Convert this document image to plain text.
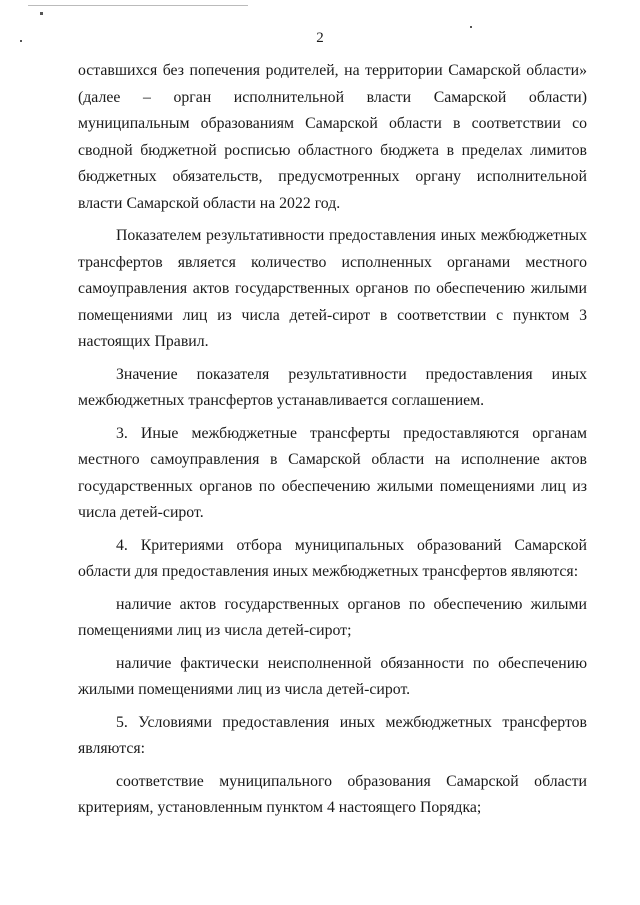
2

оставшихся без попечения родителей, на территории Самарской области» (далее – орган исполнительной власти Самарской области) муниципальным образованиям Самарской области в соответствии со сводной бюджетной росписью областного бюджета в пределах лимитов бюджетных обязательств, предусмотренных органу исполнительной власти Самарской области на 2022 год.

Показателем результативности предоставления иных межбюджетных трансфертов является количество исполненных органами местного самоуправления актов государственных органов по обеспечению жилыми помещениями лиц из числа детей-сирот в соответствии с пунктом 3 настоящих Правил.

Значение показателя результативности предоставления иных межбюджетных трансфертов устанавливается соглашением.

3. Иные межбюджетные трансферты предоставляются органам местного самоуправления в Самарской области на исполнение актов государственных органов по обеспечению жилыми помещениями лиц из числа детей-сирот.

4. Критериями отбора муниципальных образований Самарской области для предоставления иных межбюджетных трансфертов являются:

наличие актов государственных органов по обеспечению жилыми помещениями лиц из числа детей-сирот;

наличие фактически неисполненной обязанности по обеспечению жилыми помещениями лиц из числа детей-сирот.

5. Условиями предоставления иных межбюджетных трансфертов являются:

соответствие муниципального образования Самарской области критериям, установленным пунктом 4 настоящего Порядка;
